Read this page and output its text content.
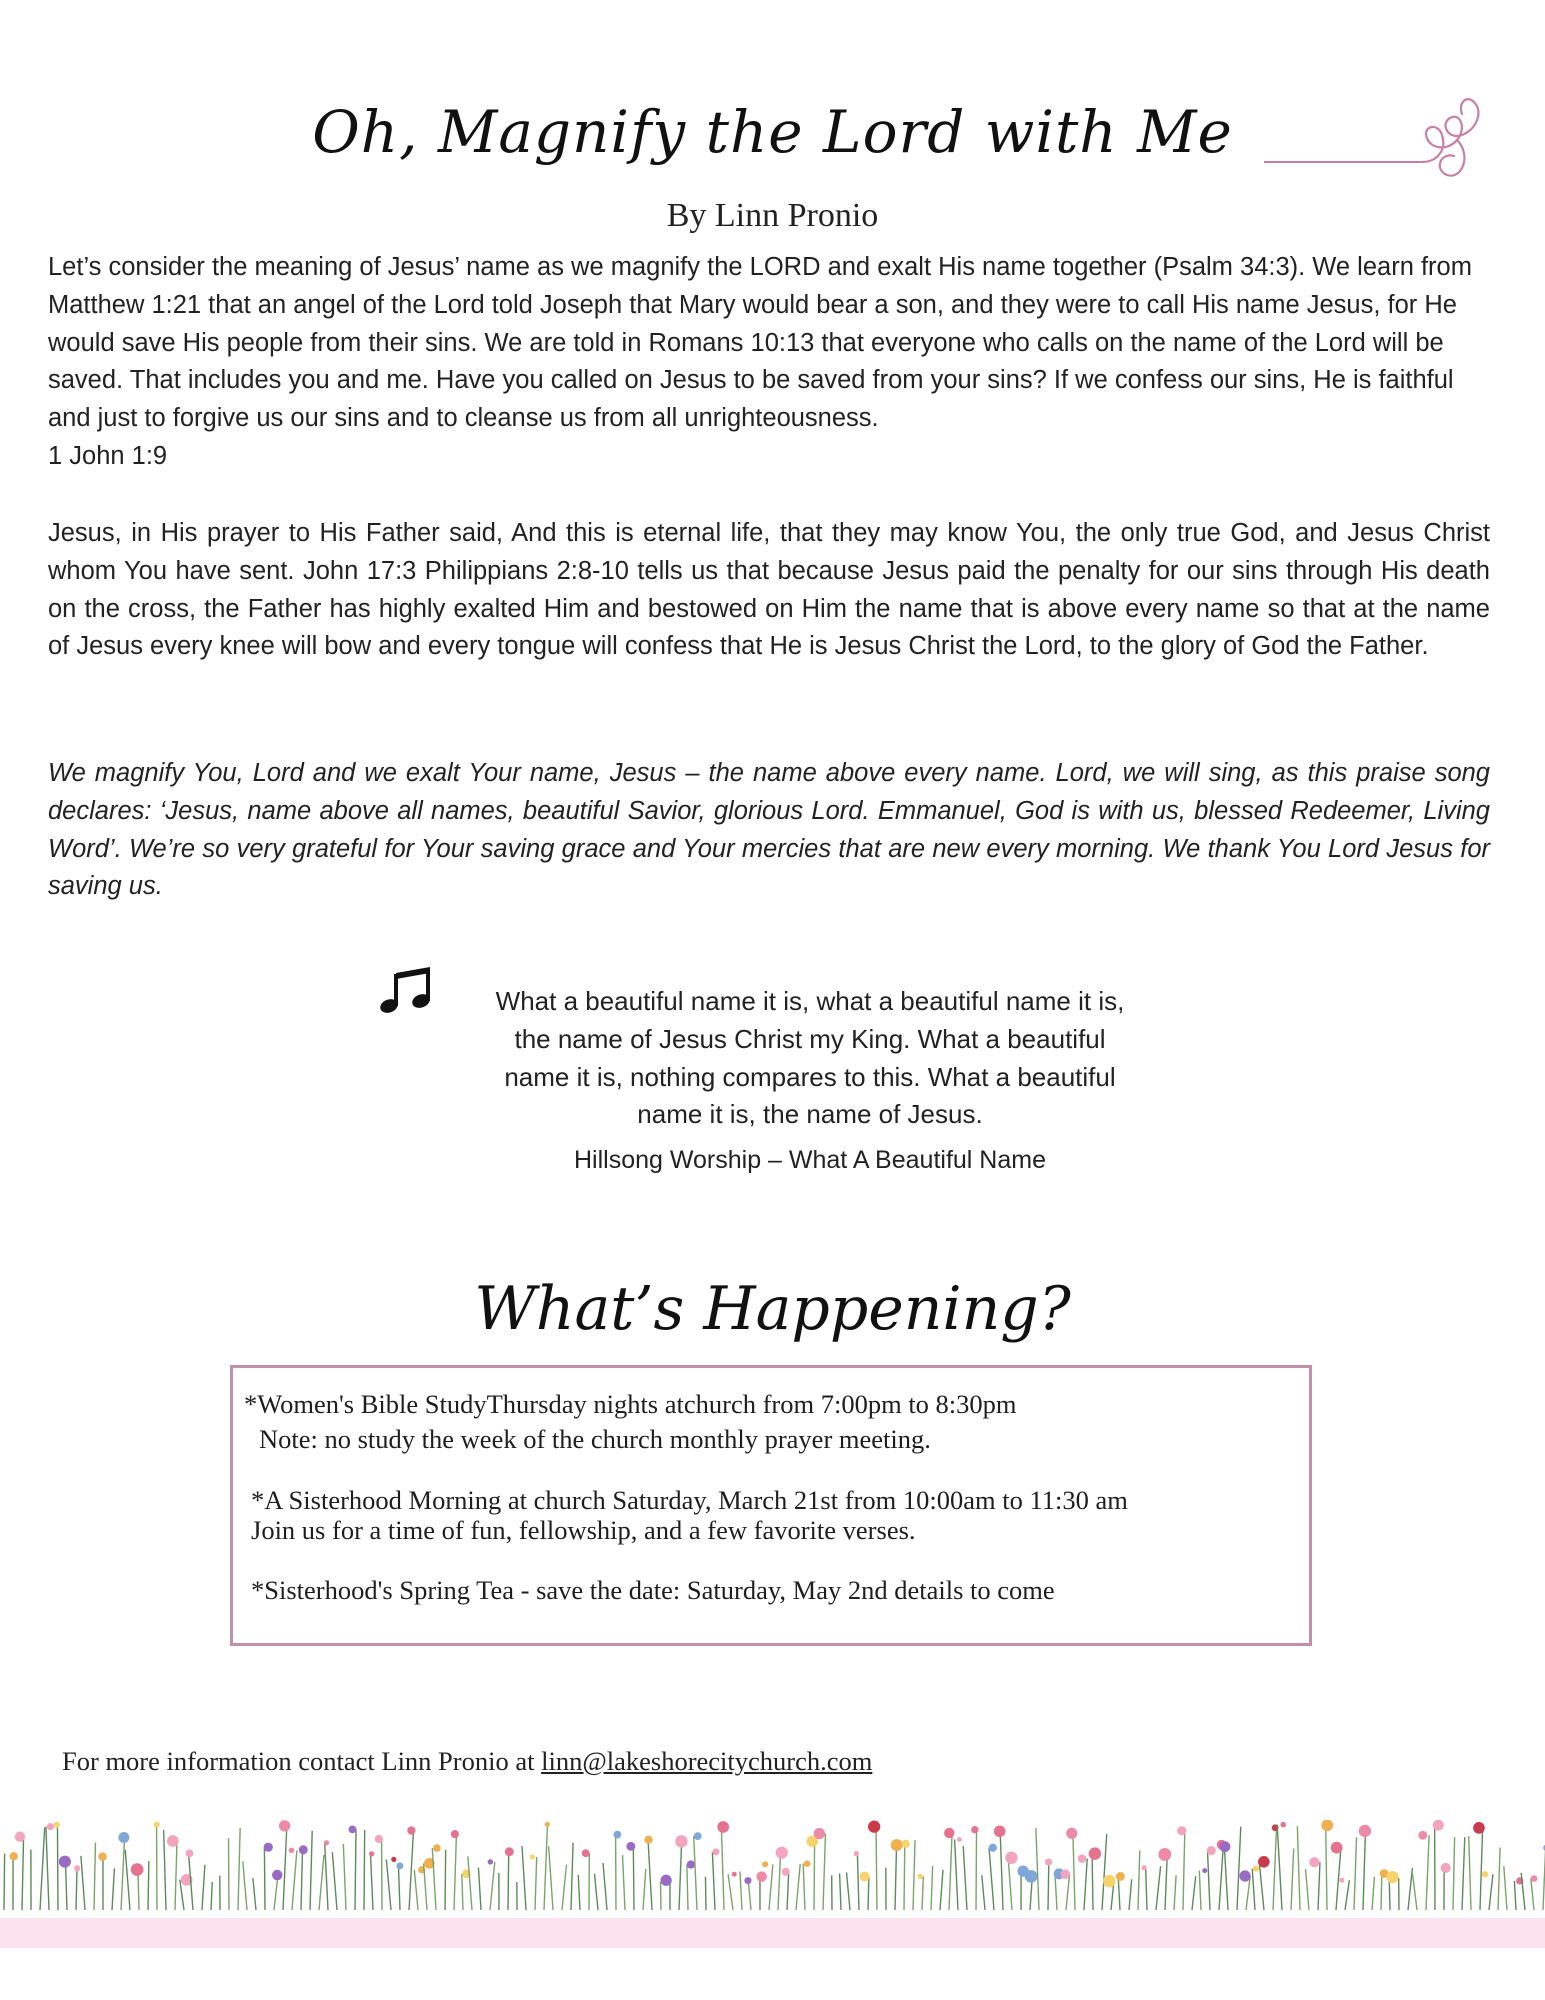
Oh, Magnify the Lord with Me
By Linn Pronio

Let’s consider the meaning of Jesus’ name as we magnify the LORD and exalt His name together (Psalm 34:3). We learn from Matthew 1:21 that an angel of the Lord told Joseph that Mary would bear a son, and they were to call His name Jesus, for He would save His people from their sins. We are told in Romans 10:13 that everyone who calls on the name of the Lord will be saved. That includes you and me. Have you called on Jesus to be saved from your sins? If we confess our sins, He is faithful and just to forgive us our sins and to cleanse us from all unrighteousness.
1 John 1:9

Jesus, in His prayer to His Father said, And this is eternal life, that they may know You, the only true God, and Jesus Christ whom You have sent. John 17:3 Philippians 2:8-10 tells us that because Jesus paid the penalty for our sins through His death on the cross, the Father has highly exalted Him and bestowed on Him the name that is above every name so that at the name of Jesus every knee will bow and every tongue will confess that He is Jesus Christ the Lord, to the glory of God the Father.

We magnify You, Lord and we exalt Your name, Jesus – the name above every name. Lord, we will sing, as this praise song declares: ‘Jesus, name above all names, beautiful Savior, glorious Lord. Emmanuel, God is with us, blessed Redeemer, Living Word’. We’re so very grateful for Your saving grace and Your mercies that are new every morning. We thank You Lord Jesus for saving us.

What a beautiful name it is, what a beautiful name it is,
the name of Jesus Christ my King. What a beautiful
name it is, nothing compares to this. What a beautiful
name it is, the name of Jesus.

Hillsong Worship – What A Beautiful Name
What’s Happening?
*Women's Bible StudyThursday nights atchurch from 7:00pm to 8:30pm
Note: no study the week of the church monthly prayer meeting.
*A Sisterhood Morning at church Saturday, March 21st from 10:00am to 11:30 am
Join us for a time of fun, fellowship, and a few favorite verses.
*Sisterhood's Spring Tea - save the date: Saturday, May 2nd details to come
For more information contact Linn Pronio at linn@lakeshorecitychurch.com
